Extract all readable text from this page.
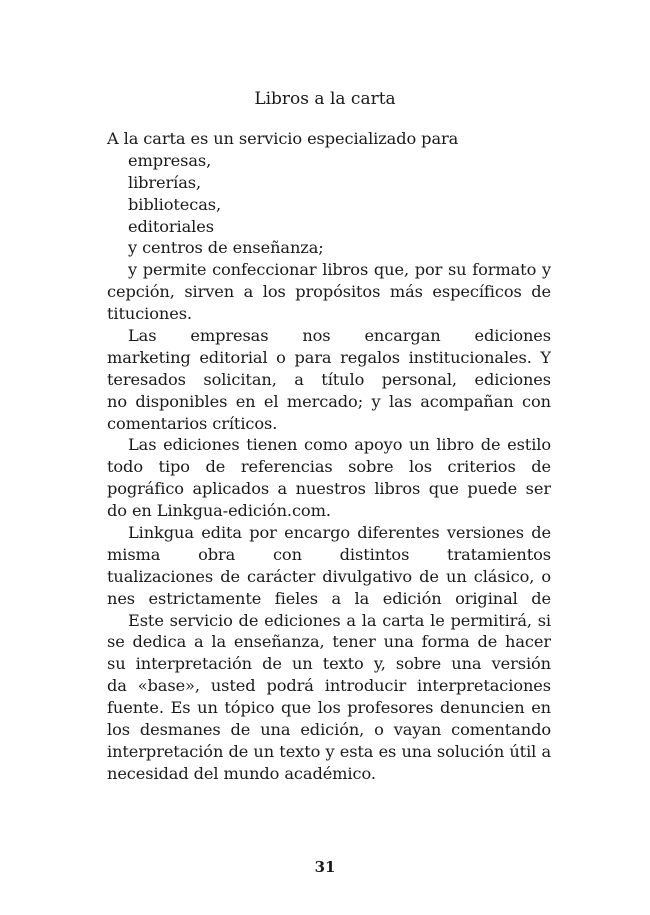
Libros a la carta
A la carta es un servicio especializado para
empresas,
librerías,
bibliotecas,
editoriales
y centros de enseñanza;
y permite confeccionar libros que, por su formato y
cepción, sirven a los propósitos más específicos de
tituciones.
Las empresas nos encargan ediciones
marketing editorial o para regalos institucionales. Y
teresados solicitan, a título personal, ediciones
no disponibles en el mercado; y las acompañan con
comentarios críticos.
Las ediciones tienen como apoyo un libro de estilo
todo tipo de referencias sobre los criterios de
pográfico aplicados a nuestros libros que puede ser
do en Linkgua-edición.com.
Linkgua edita por encargo diferentes versiones de
misma obra con distintos tratamientos
tualizaciones de carácter divulgativo de un clásico, o
nes estrictamente fieles a la edición original de
Este servicio de ediciones a la carta le permitirá, si
se dedica a la enseñanza, tener una forma de hacer
su interpretación de un texto y, sobre una versión
da «base», usted podrá introducir interpretaciones
fuente. Es un tópico que los profesores denuncien en
los desmanes de una edición, o vayan comentando
interpretación de un texto y esta es una solución útil a
necesidad del mundo académico.
31
